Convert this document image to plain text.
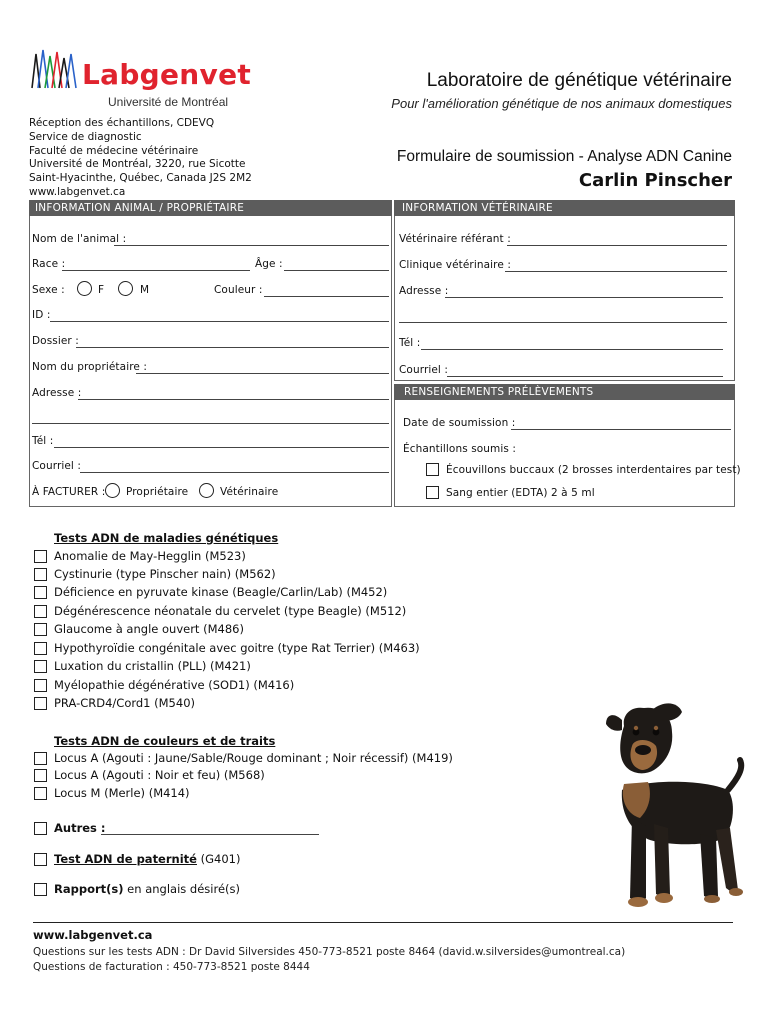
Labgenvet
Université de Montréal
Laboratoire de génétique vétérinaire
Pour l'amélioration génétique de nos animaux domestiques
Réception des échantillons, CDEVQ
Service de diagnostic
Faculté de médecine vétérinaire
Université de Montréal, 3220, rue Sicotte
Saint-Hyacinthe, Québec, Canada J2S 2M2
www.labgenvet.ca
Formulaire de soumission - Analyse ADN Canine
Carlin Pinscher
INFORMATION ANIMAL / PROPRIÉTAIRE
Nom de l'animal :
Race :	Âge :
Sexe :	F	M	Couleur :
ID :
Dossier :
Nom du propriétaire :
Adresse :
Tél :
Courriel :
À FACTURER : Propriétaire	Vétérinaire
INFORMATION VÉTÉRINAIRE
Vétérinaire référant :
Clinique vétérinaire :
Adresse :
Tél :
Courriel :
RENSEIGNEMENTS PRÉLÈVEMENTS
Date de soumission :
Échantillons soumis :
Écouvillons buccaux (2 brosses interdentaires par test)
Sang entier (EDTA) 2 à 5 ml
Tests ADN de maladies génétiques
Anomalie de May-Hegglin (M523)
Cystinurie (type Pinscher nain) (M562)
Déficience en pyruvate kinase (Beagle/Carlin/Lab) (M452)
Dégénérescence néonatale du cervelet (type Beagle) (M512)
Glaucome à angle ouvert (M486)
Hypothyroïdie congénitale avec goitre (type Rat Terrier) (M463)
Luxation du cristallin (PLL) (M421)
Myélopathie dégénérative (SOD1) (M416)
PRA-CRD4/Cord1 (M540)
Tests ADN de couleurs et de traits
Locus A (Agouti : Jaune/Sable/Rouge dominant ; Noir récessif) (M419)
Locus A (Agouti : Noir et feu) (M568)
Locus M (Merle) (M414)
Autres :
Test ADN de paternité (G401)
Rapport(s) en anglais désiré(s)
www.labgenvet.ca
Questions sur les tests ADN : Dr David Silversides 450-773-8521 poste 8464 (david.w.silversides@umontreal.ca)
Questions de facturation : 450-773-8521 poste 8444
